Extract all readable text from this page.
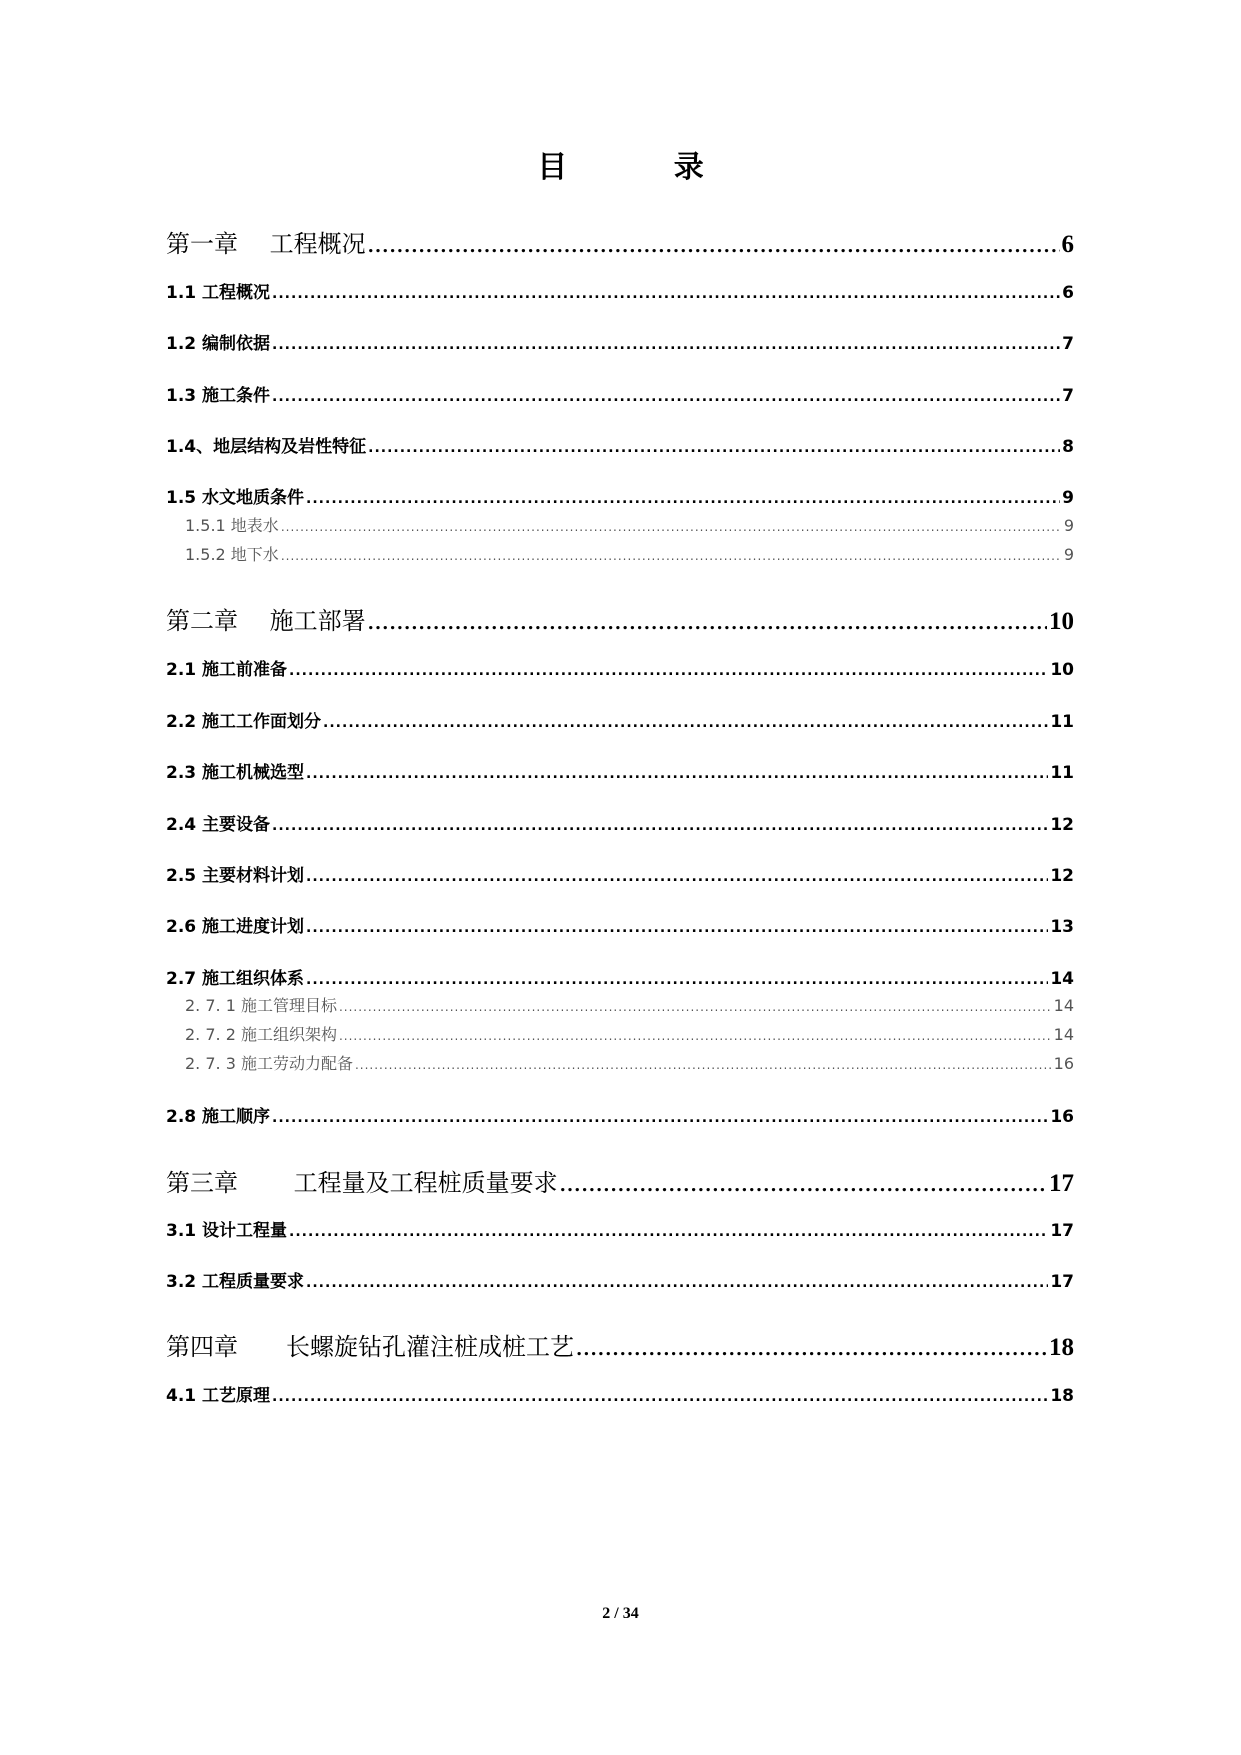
目 录
第一章　 工程概况 .....	6
1.1 工程概况 .....	6
1.2 编制依据 .....	7
1.3 施工条件 .....	7
1.4、地层结构及岩性特征 .....	8
1.5 水文地质条件 .....	9
1.5.1 地表水 .....	9
1.5.2 地下水 .....	9
第二章　 施工部署 .....	10
2.1 施工前准备 .....	10
2.2 施工工作面划分 .....	11
2.3 施工机械选型 .....	11
2.4 主要设备 .....	12
2.5 主要材料计划 .....	12
2.6 施工进度计划 .....	13
2.7 施工组织体系 .....	14
2. 7. 1 施工管理目标 .....	14
2. 7. 2 施工组织架构 .....	14
2. 7. 3 施工劳动力配备 .....	16
2.8 施工顺序 .....	16
第三章　　 工程量及工程桩质量要求 .....	17
3.1 设计工程量 .....	17
3.2 工程质量要求 .....	17
第四章　　长螺旋钻孔灌注桩成桩工艺 .....	18
4.1 工艺原理 .....	18
2 / 34
